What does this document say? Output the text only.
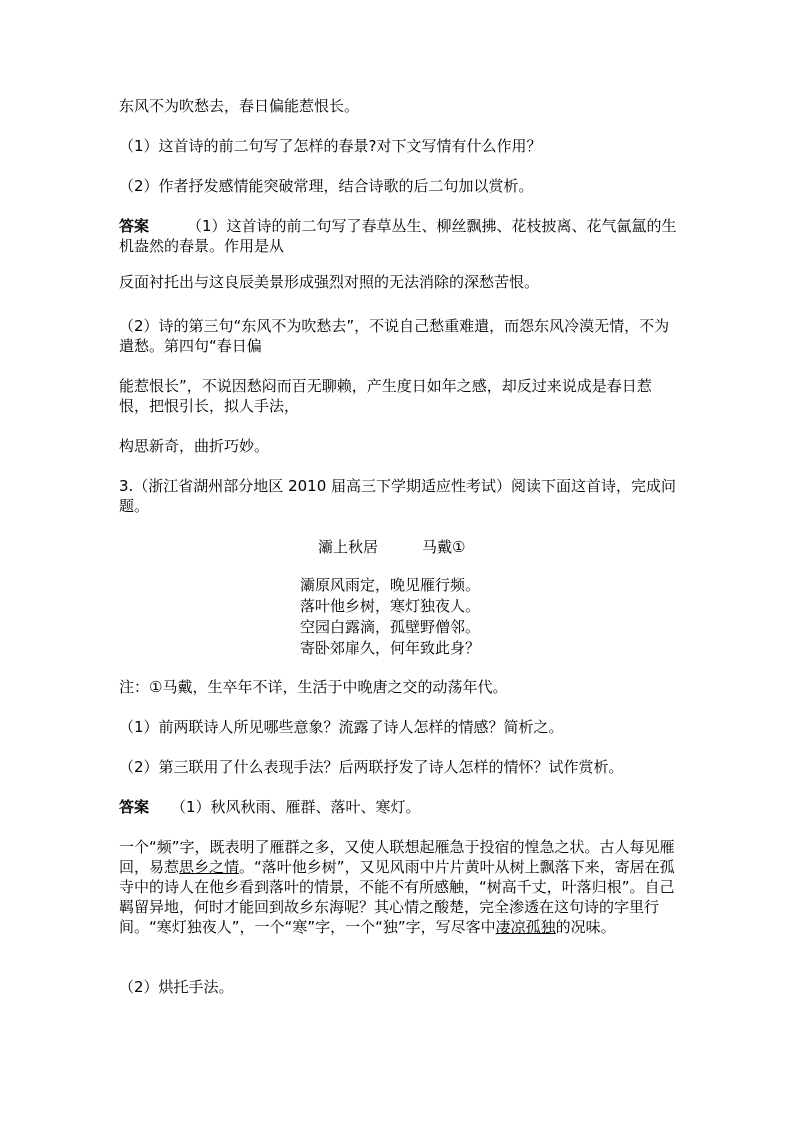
东风不为吹愁去，春日偏能惹恨长。

（1）这首诗的前二句写了怎样的春景?对下文写情有什么作用？

（2）作者抒发感情能突破常理，结合诗歌的后二句加以赏析。

答案	（1）这首诗的前二句写了春草丛生、柳丝飘拂、花枝披离、花气氤氲的生机盎然的春景。作用是从

反面衬托出与这良辰美景形成强烈对照的无法消除的深愁苦恨。

（2）诗的第三句“东风不为吹愁去”，不说自己愁重难遣，而怨东风冷漠无情，不为遣愁。第四句“春日偏

能惹恨长”，不说因愁闷而百无聊赖，产生度日如年之感，却反过来说成是春日惹恨，把恨引长，拟人手法，

构思新奇，曲折巧妙。

3.（浙江省湖州部分地区 2010 届高三下学期适应性考试）阅读下面这首诗，完成问题。

灞上秋居	马戴①
灞原风雨定，晚见雁行频。
落叶他乡树，寒灯独夜人。
空园白露滴，孤壁野僧邻。
寄卧郊扉久，何年致此身？

注：①马戴，生卒年不详，生活于中晚唐之交的动荡年代。

（1）前两联诗人所见哪些意象？流露了诗人怎样的情感？简析之。

（2）第三联用了什么表现手法？后两联抒发了诗人怎样的情怀？试作赏析。

答案 （1）秋风秋雨、雁群、落叶、寒灯。

一个“频”字，既表明了雁群之多，又使人联想起雁急于投宿的惶急之状。古人每见雁回，易惹思乡之情。“落叶他乡树”，又见风雨中片片黄叶从树上飘落下来，寄居在孤寺中的诗人在他乡看到落叶的情景，不能不有所感触，“树高千丈，叶落归根”。自己羁留异地，何时才能回到故乡东海呢？其心情之酸楚，完全渗透在这句诗的字里行间。“寒灯独夜人”，一个“寒”字，一个“独”字，写尽客中凄凉孤独的况味。

（2）烘托手法。
